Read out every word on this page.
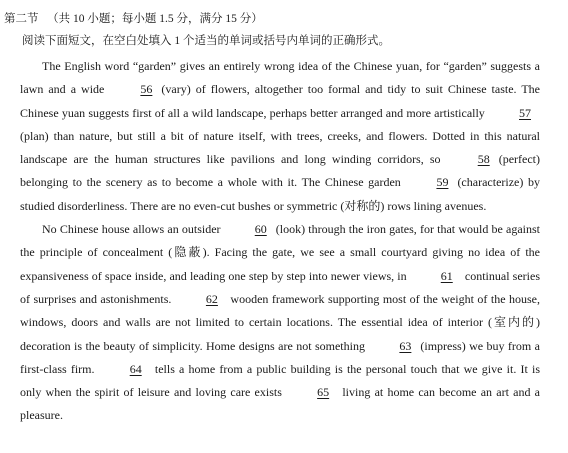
第二节 （共 10 小题；每小题 1.5 分，满分 15 分）
阅读下面短文，在空白处填入 1 个适当的单词或括号内单词的正确形式。

The English word “garden” gives an entirely wrong idea of the Chinese yuan, for “garden” suggests a lawn and a wide	56 (vary) of flowers, altogether too formal and tidy to suit Chinese taste. The Chinese yuan suggests first of all a wild landscape, perhaps better arranged and more artistically	57(plan) than nature, but still a bit of nature itself, with trees, creeks, and flowers. Dotted in this natural landscape are the human structures like pavilions and long winding corridors, so	58 (perfect) belonging to the scenery as to become a whole with it. The Chinese garden	59 (characterize) by studied disorderliness. There are no even-cut bushes or symmetric (对称的) rows lining avenues.

No Chinese house allows an outsider	60 (look) through the iron gates, for that would be against the principle of concealment (隐蔽). Facing the gate, we see a small courtyard giving no idea of the expansiveness of space inside, and leading one step by step into newer views, in	61 continual series of surprises and astonishments.	62 wooden framework supporting most of the weight of the house, windows, doors and walls are not limited to certain locations. The essential idea of interior (室内的) decoration is the beauty of simplicity. Home designs are not something	63 (impress) we buy from a first-class firm.	64 tells a home from a public building is the personal touch that we give it. It is only when the spirit of leisure and loving care exists	65 living at home can become an art and a pleasure.
